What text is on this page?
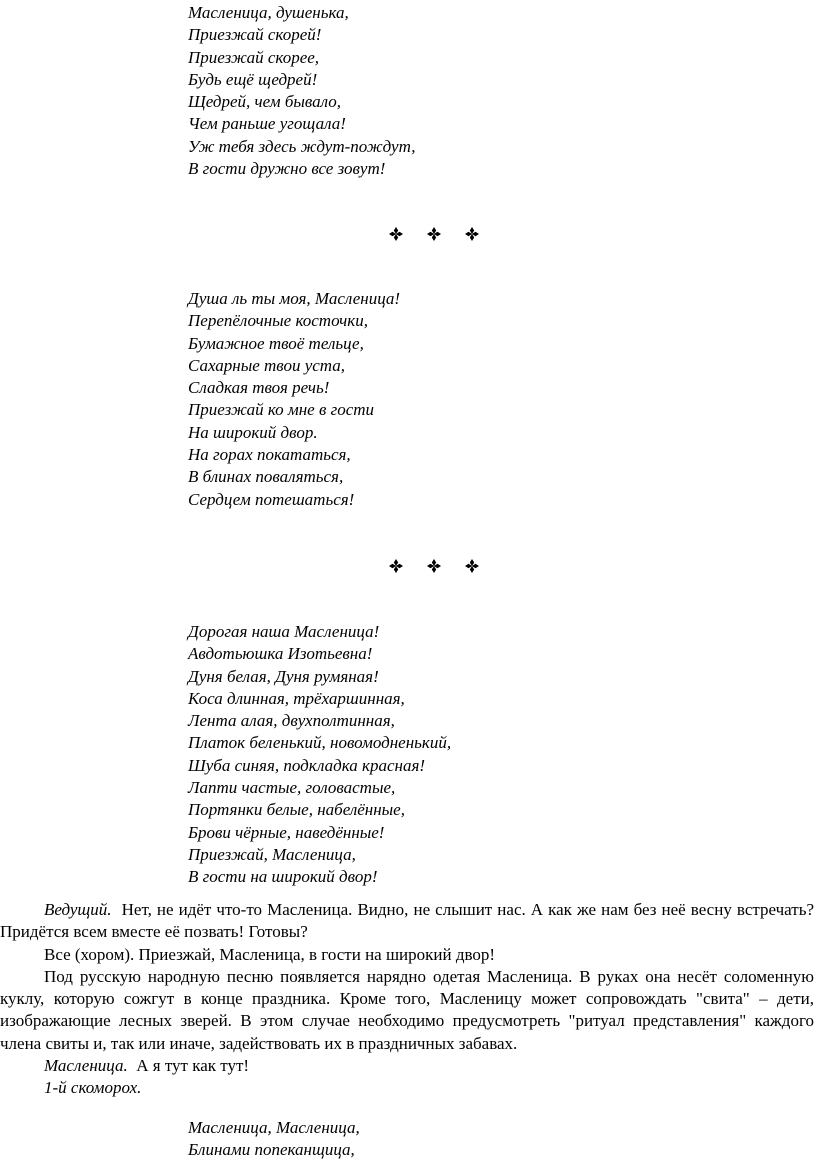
Масленица, душенька,
Приезжай скорей!
Приезжай скорее,
Будь ещё щедрей!
Щедрей, чем бывало,
Чем раньше угощала!
Уж тебя здесь ждут-пождут,
В гости дружно все зовут!
Душа ль ты моя, Масленица!
Перепёлочные косточки,
Бумажное твоё тельце,
Сахарные твои уста,
Сладкая твоя речь!
Приезжай ко мне в гости
На широкий двор.
На горах покататься,
В блинах поваляться,
Сердцем потешаться!
Дорогая наша Масленица!
Авдотьюшка Изотьевна!
Дуня белая, Дуня румяная!
Коса длинная, трёхаршинная,
Лента алая, двухполтинная,
Платок беленький, новомодненький,
Шуба синяя, подкладка красная!
Лапти частые, головастые,
Портянки белые, набелённые,
Брови чёрные, наведённые!
Приезжай, Масленица,
В гости на широкий двор!

Ведущий. Нет, не идёт что-то Масленица. Видно, не слышит нас. А как же нам без неё весну встречать? Придётся всем вместе её позвать! Готовы?

Все (хором). Приезжай, Масленица, в гости на широкий двор!

Под русскую народную песню появляется нарядно одетая Масленица. В руках она несёт соломенную куклу, которую сожгут в конце праздника. Кроме того, Масленицу может сопровождать "свита" – дети, изображающие лесных зверей. В этом случае необходимо предусмотреть "ритуал представления" каждого члена свиты и, так или иначе, задействовать их в праздничных забавах.

Масленица. А я тут как тут!

1-й скоморох.

Масленица, Масленица,
Блинами попеканщица,
